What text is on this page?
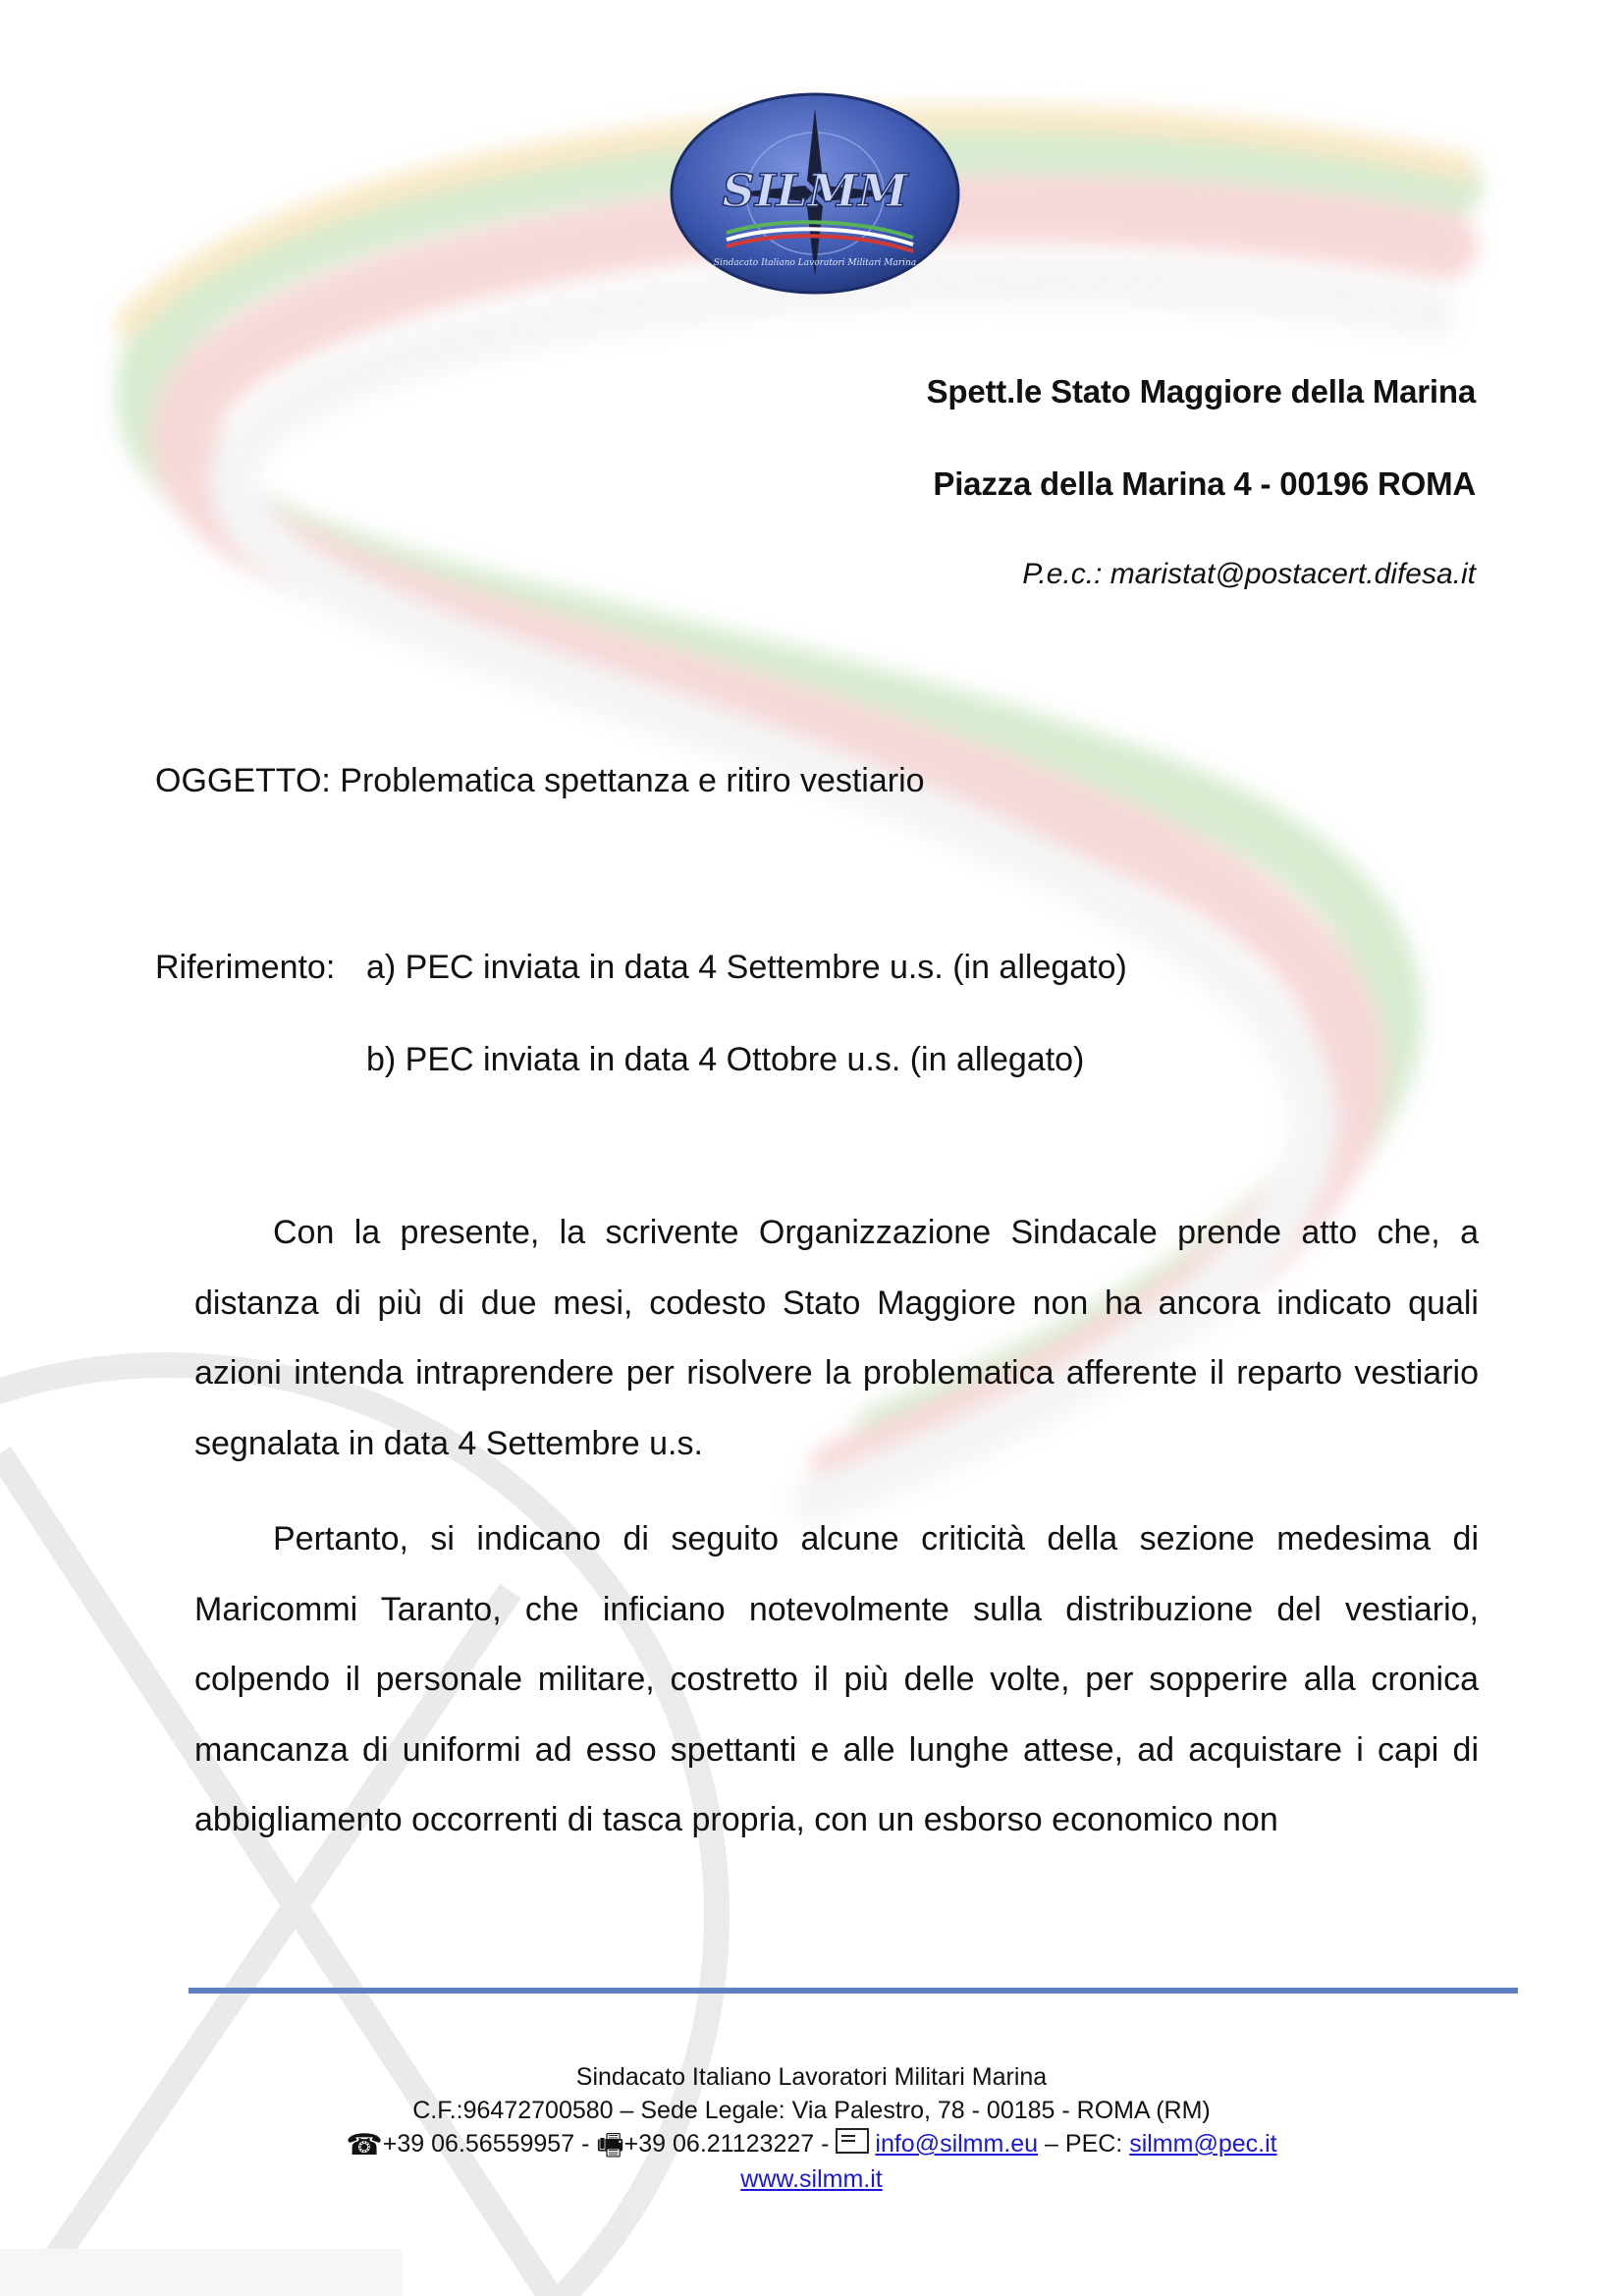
SILMM
Sindacato Italiano Lavoratori Militari Marina
Spett.le Stato Maggiore della Marina
Piazza della Marina 4 - 00196 ROMA
P.e.c.: maristat@postacert.difesa.it
OGGETTO: Problematica spettanza e ritiro vestiario
Riferimento: a) PEC inviata in data 4 Settembre u.s. (in allegato)
b) PEC inviata in data 4 Ottobre u.s. (in allegato)
Con la presente, la scrivente Organizzazione Sindacale prende atto che, a distanza di più di due mesi, codesto Stato Maggiore non ha ancora indicato quali azioni intenda intraprendere per risolvere la problematica afferente il reparto vestiario segnalata in data 4 Settembre u.s.
Pertanto, si indicano di seguito alcune criticità della sezione medesima di Maricommi Taranto, che inficiano notevolmente sulla distribuzione del vestiario, colpendo il personale militare, costretto il più delle volte, per sopperire alla cronica mancanza di uniformi ad esso spettanti e alle lunghe attese, ad acquistare i capi di abbigliamento occorrenti di tasca propria, con un esborso economico non
Sindacato Italiano Lavoratori Militari Marina
C.F.:96472700580 – Sede Legale: Via Palestro, 78 - 00185 - ROMA (RM)
☎+39 06.56559957 - 🖷+39 06.21123227 - info@silmm.eu – PEC: silmm@pec.it
www.silmm.it
